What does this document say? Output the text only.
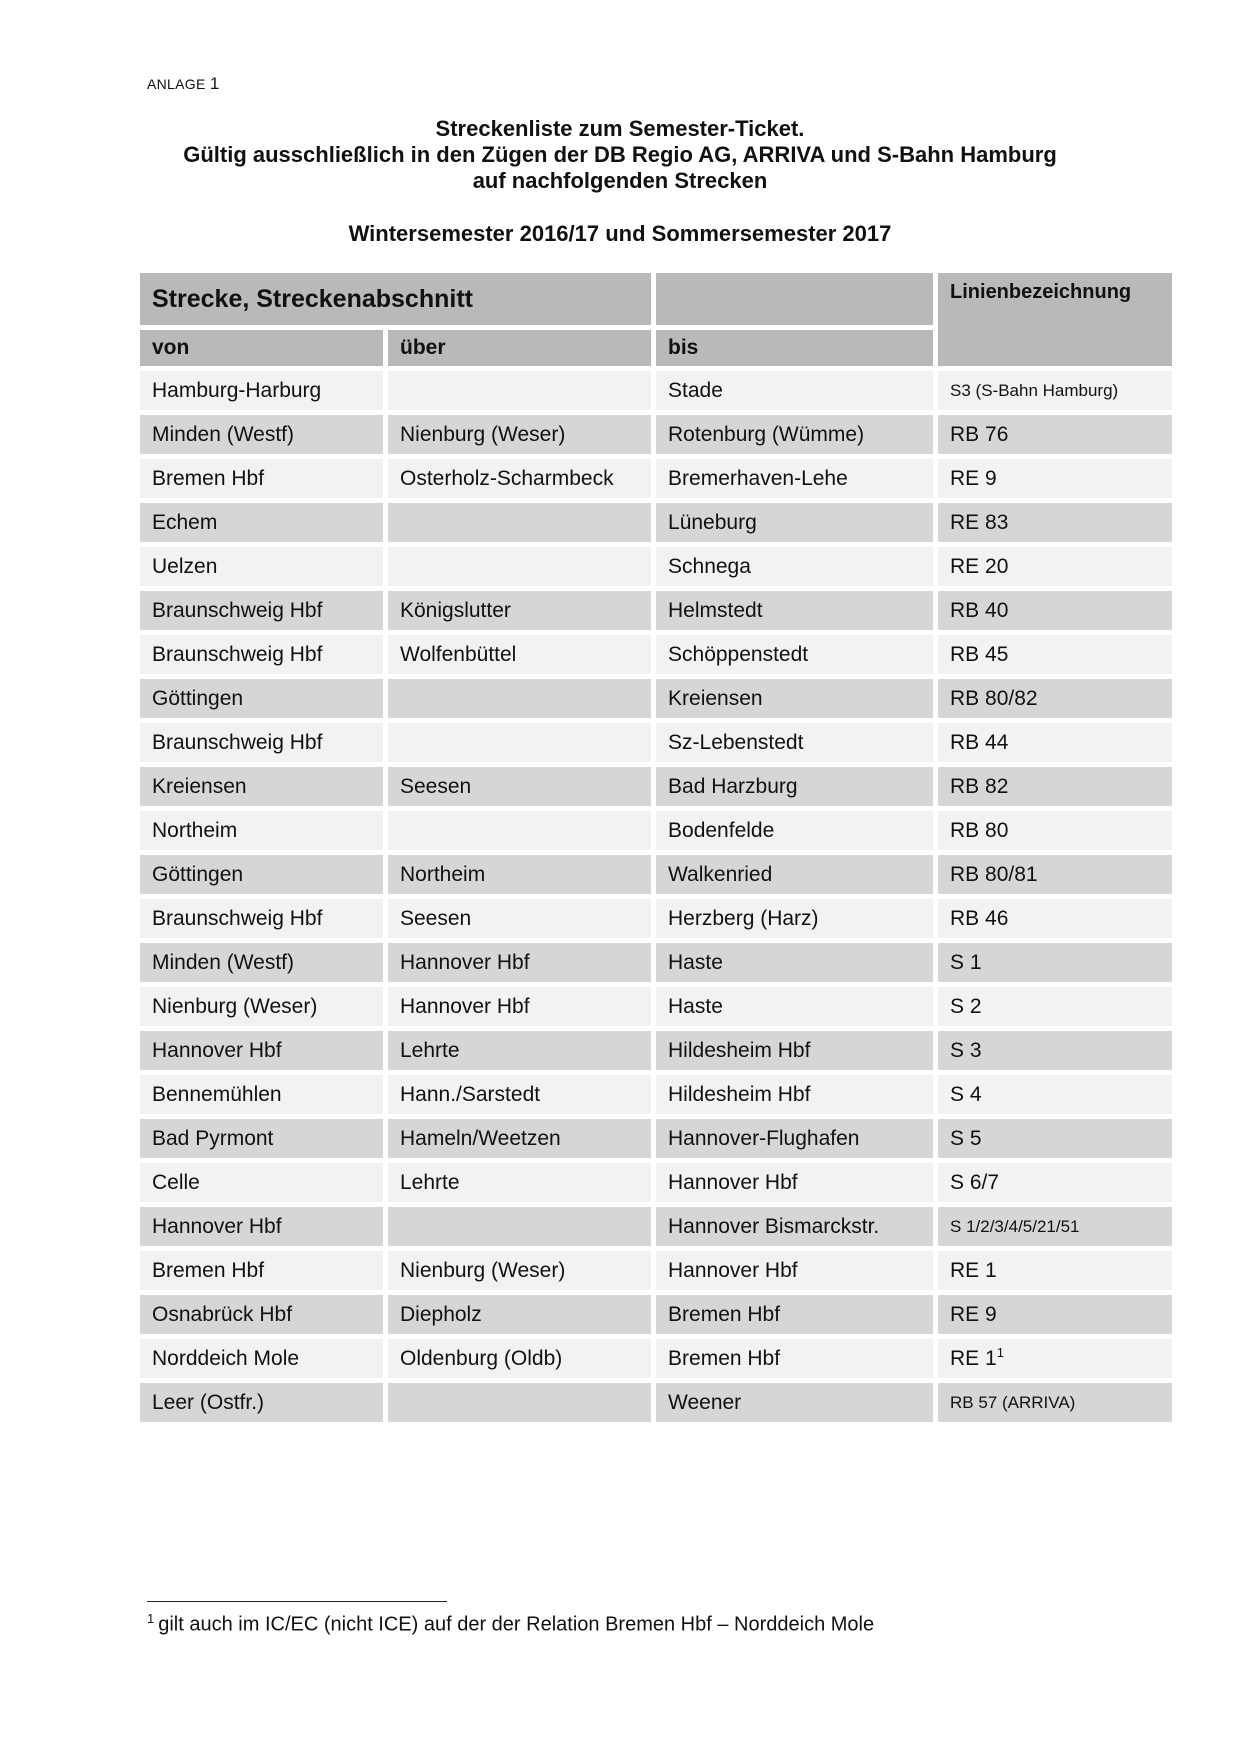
ANLAGE 1
Streckenliste zum Semester-Ticket.
Gültig ausschließlich in den Zügen der DB Regio AG, ARRIVA und S-Bahn Hamburg
auf nachfolgenden Strecken
Wintersemester 2016/17 und Sommersemester 2017
Strecke, Streckenabschnitt			Linienbezeichnung
von	über	bis	
Hamburg-Harburg		Stade	S3 (S-Bahn Hamburg)
Minden (Westf)	Nienburg (Weser)	Rotenburg (Wümme)	RB 76
Bremen Hbf	Osterholz-Scharmbeck	Bremerhaven-Lehe	RE 9
Echem		Lüneburg	RE 83
Uelzen		Schnega	RE 20
Braunschweig Hbf	Königslutter	Helmstedt	RB 40
Braunschweig Hbf	Wolfenbüttel	Schöppenstedt	RB 45
Göttingen		Kreiensen	RB 80/82
Braunschweig Hbf		Sz-Lebenstedt	RB 44
Kreiensen	Seesen	Bad Harzburg	RB 82
Northeim		Bodenfelde	RB 80
Göttingen	Northeim	Walkenried	RB 80/81
Braunschweig Hbf	Seesen	Herzberg (Harz)	RB 46
Minden (Westf)	Hannover Hbf	Haste	S 1
Nienburg (Weser)	Hannover Hbf	Haste	S 2
Hannover Hbf	Lehrte	Hildesheim Hbf	S 3
Bennemühlen	Hann./Sarstedt	Hildesheim Hbf	S 4
Bad Pyrmont	Hameln/Weetzen	Hannover-Flughafen	S 5
Celle	Lehrte	Hannover Hbf	S 6/7
Hannover Hbf		Hannover Bismarckstr.	S 1/2/3/4/5/21/51
Bremen Hbf	Nienburg (Weser)	Hannover Hbf	RE 1
Osnabrück Hbf	Diepholz	Bremen Hbf	RE 9
Norddeich Mole	Oldenburg (Oldb)	Bremen Hbf	RE 1$^1$
Leer (Ostfr.)		Weener	RB 57 (ARRIVA)
$^1$ gilt auch im IC/EC (nicht ICE) auf der der Relation Bremen Hbf – Norddeich Mole
